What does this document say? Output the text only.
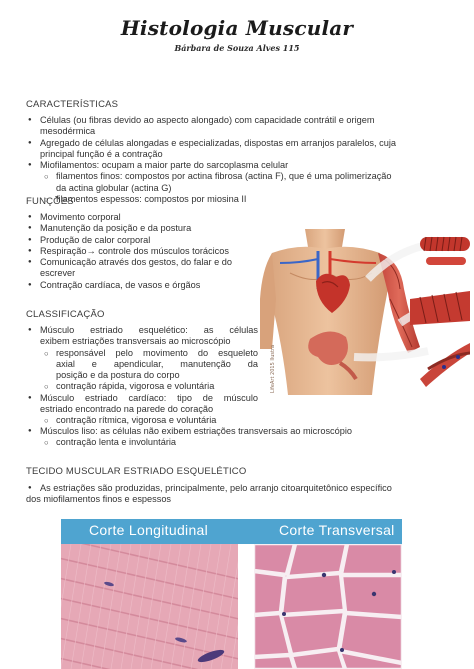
Histologia Muscular
Bárbara de Souza Alves 115
CARACTERÍSTICAS

● Células (ou fibras devido ao aspecto alongado) com capacidade contrátil e origem

mesodérmica

● Agregado de células alongadas e especializadas, dispostas em arranjos paralelos, cuja

principal função é a contração

● Miofilamentos: ocupam a maior parte do sarcoplasma celular

○ filamentos finos: compostos por actina fibrosa (actina F), que é uma polimerização

da actina globular (actina G)

○ filamentos espessos: compostos por miosina II

FUNÇÕES

● Movimento corporal

● Manutenção da posição e da postura

● Produção de calor corporal

● Respiração→ controle dos músculos torácicos

● Comunicação através dos gestos, do falar e do

escrever

● Contração cardíaca, de vasos e órgãos

CLASSIFICAÇÃO

● Músculo estriado esquelético: as células

exibem estriações transversais ao microscópio

○ responsável pelo movimento do esqueleto

axial e apendicular, manutenção da

posição e da postura do corpo

○ contração rápida, vigorosa e voluntária

● Músculo estriado cardíaco: tipo de músculo

estriado encontrado na parede do coração

○ contração rítmica, vigorosa e voluntária

● Músculos liso: as células não exibem estriações transversais ao microscópio

○ contração lenta e involuntária

TECIDO MUSCULAR ESTRIADO ESQUELÉTICO

● As estriações são produzidas, principalmente, pelo arranjo citoarquitetônico específico

dos miofilamentos finos e espessos

LifeArt 2015 Ilustra
Corte Longitudinal	Corte Transversal
